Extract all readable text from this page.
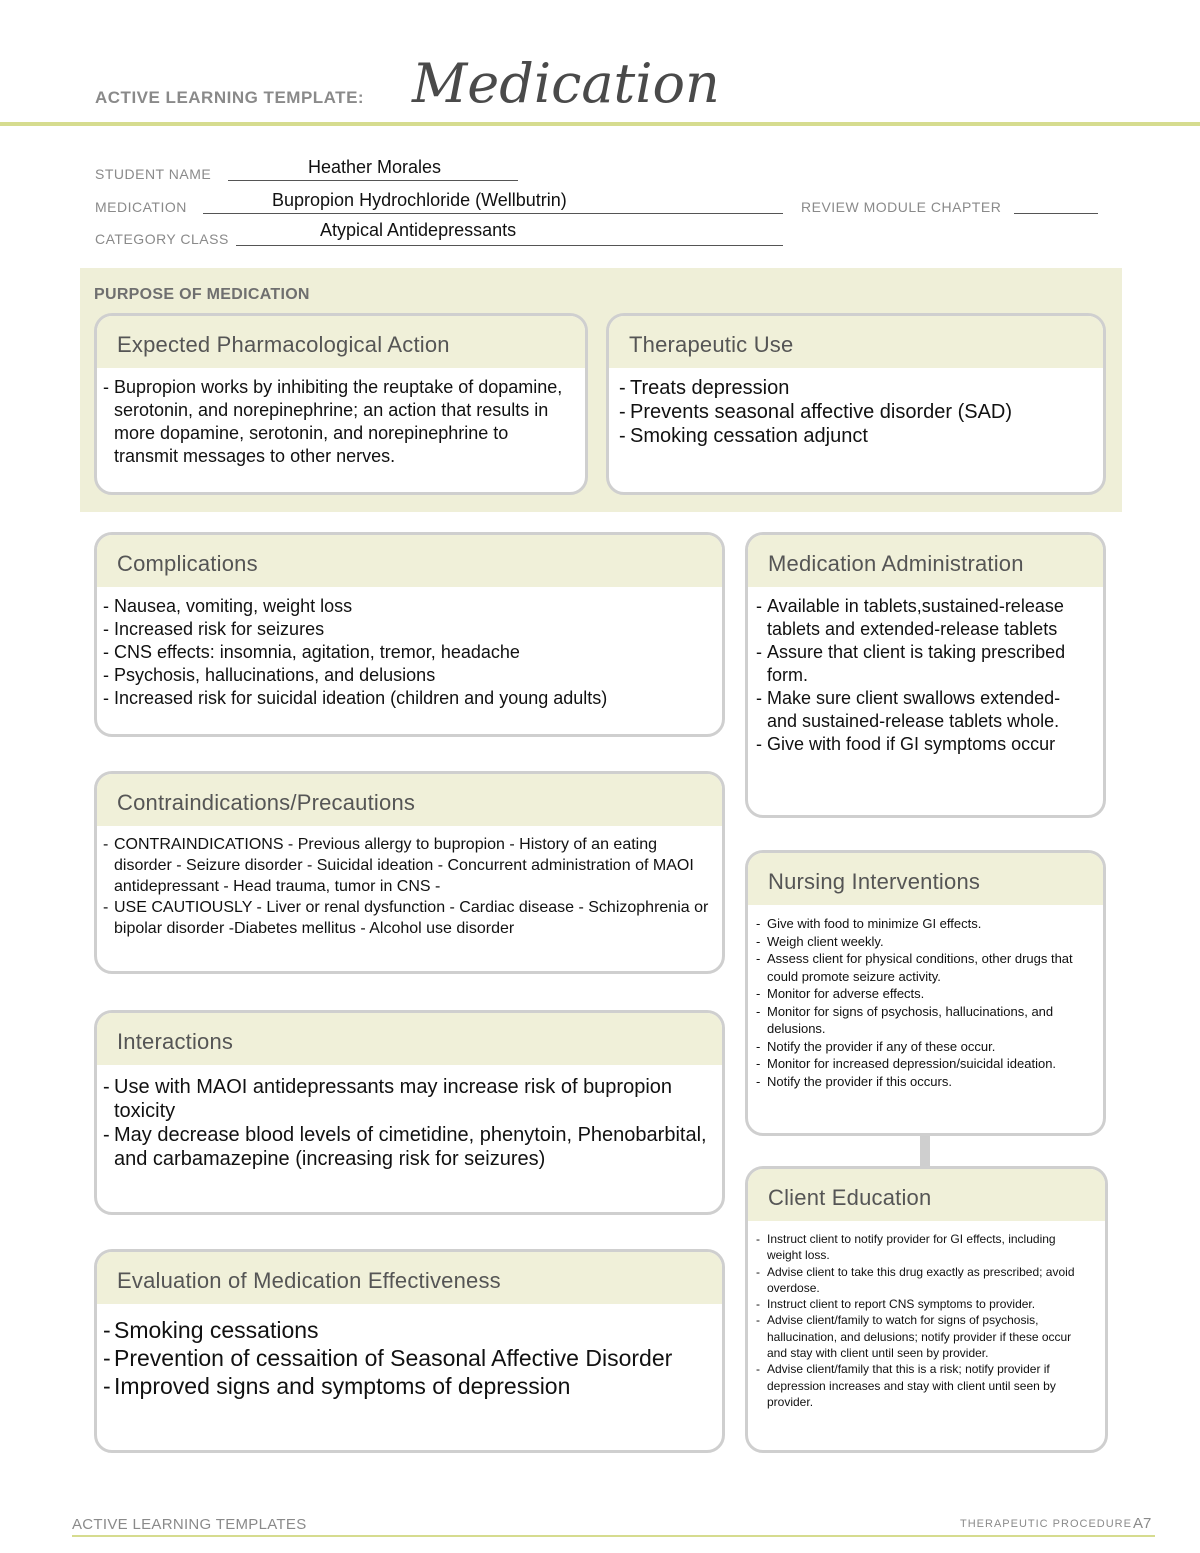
ACTIVE LEARNING TEMPLATE: Medication
STUDENT NAME	Heather Morales
MEDICATION	Bupropion Hydrochloride (Wellbutrin)	REVIEW MODULE CHAPTER
CATEGORY CLASS	Atypical Antidepressants
PURPOSE OF MEDICATION
Expected Pharmacological Action
- Bupropion works by inhibiting the reuptake of dopamine, serotonin, and norepinephrine; an action that results in more dopamine, serotonin, and norepinephrine to transmit messages to other nerves.
Therapeutic Use
- Treats depression
- Prevents seasonal affective disorder (SAD)
- Smoking cessation adjunct
Complications
- Nausea, vomiting, weight loss
- Increased risk for seizures
- CNS effects: insomnia, agitation, tremor, headache
- Psychosis, hallucinations, and delusions
- Increased risk for suicidal ideation (children and young adults)
Medication Administration
- Available in tablets,sustained-release tablets and extended-release tablets
- Assure that client is taking prescribed form.
- Make sure client swallows extended- and sustained-release tablets whole.
- Give with food if GI symptoms occur
Contraindications/Precautions
- CONTRAINDICATIONS - Previous allergy to bupropion - History of an eating disorder - Seizure disorder - Suicidal ideation - Concurrent administration of MAOI antidepressant - Head trauma, tumor in CNS -
- USE CAUTIOUSLY - Liver or renal dysfunction - Cardiac disease - Schizophrenia or bipolar disorder -Diabetes mellitus - Alcohol use disorder
Nursing Interventions
- Give with food to minimize GI effects.
- Weigh client weekly.
- Assess client for physical conditions, other drugs that could promote seizure activity.
- Monitor for adverse effects.
- Monitor for signs of psychosis, hallucinations, and delusions.
- Notify the provider if any of these occur.
- Monitor for increased depression/suicidal ideation.
- Notify the provider if this occurs.
Interactions
- Use with MAOI antidepressants may increase risk of bupropion toxicity
- May decrease blood levels of cimetidine, phenytoin, Phenobarbital, and carbamazepine (increasing risk for seizures)
Client Education
- Instruct client to notify provider for GI effects, including weight loss.
- Advise client to take this drug exactly as prescribed; avoid overdose.
- Instruct client to report CNS symptoms to provider.
- Advise client/family to watch for signs of psychosis, hallucination, and delusions; notify provider if these occur and stay with client until seen by provider.
- Advise client/family that this is a risk; notify provider if depression increases and stay with client until seen by provider.
Evaluation of Medication Effectiveness
- Smoking cessations
- Prevention of cessaition of Seasonal Affective Disorder
- Improved signs and symptoms of depression
ACTIVE LEARNING TEMPLATES	THERAPEUTIC PROCEDURE A7
